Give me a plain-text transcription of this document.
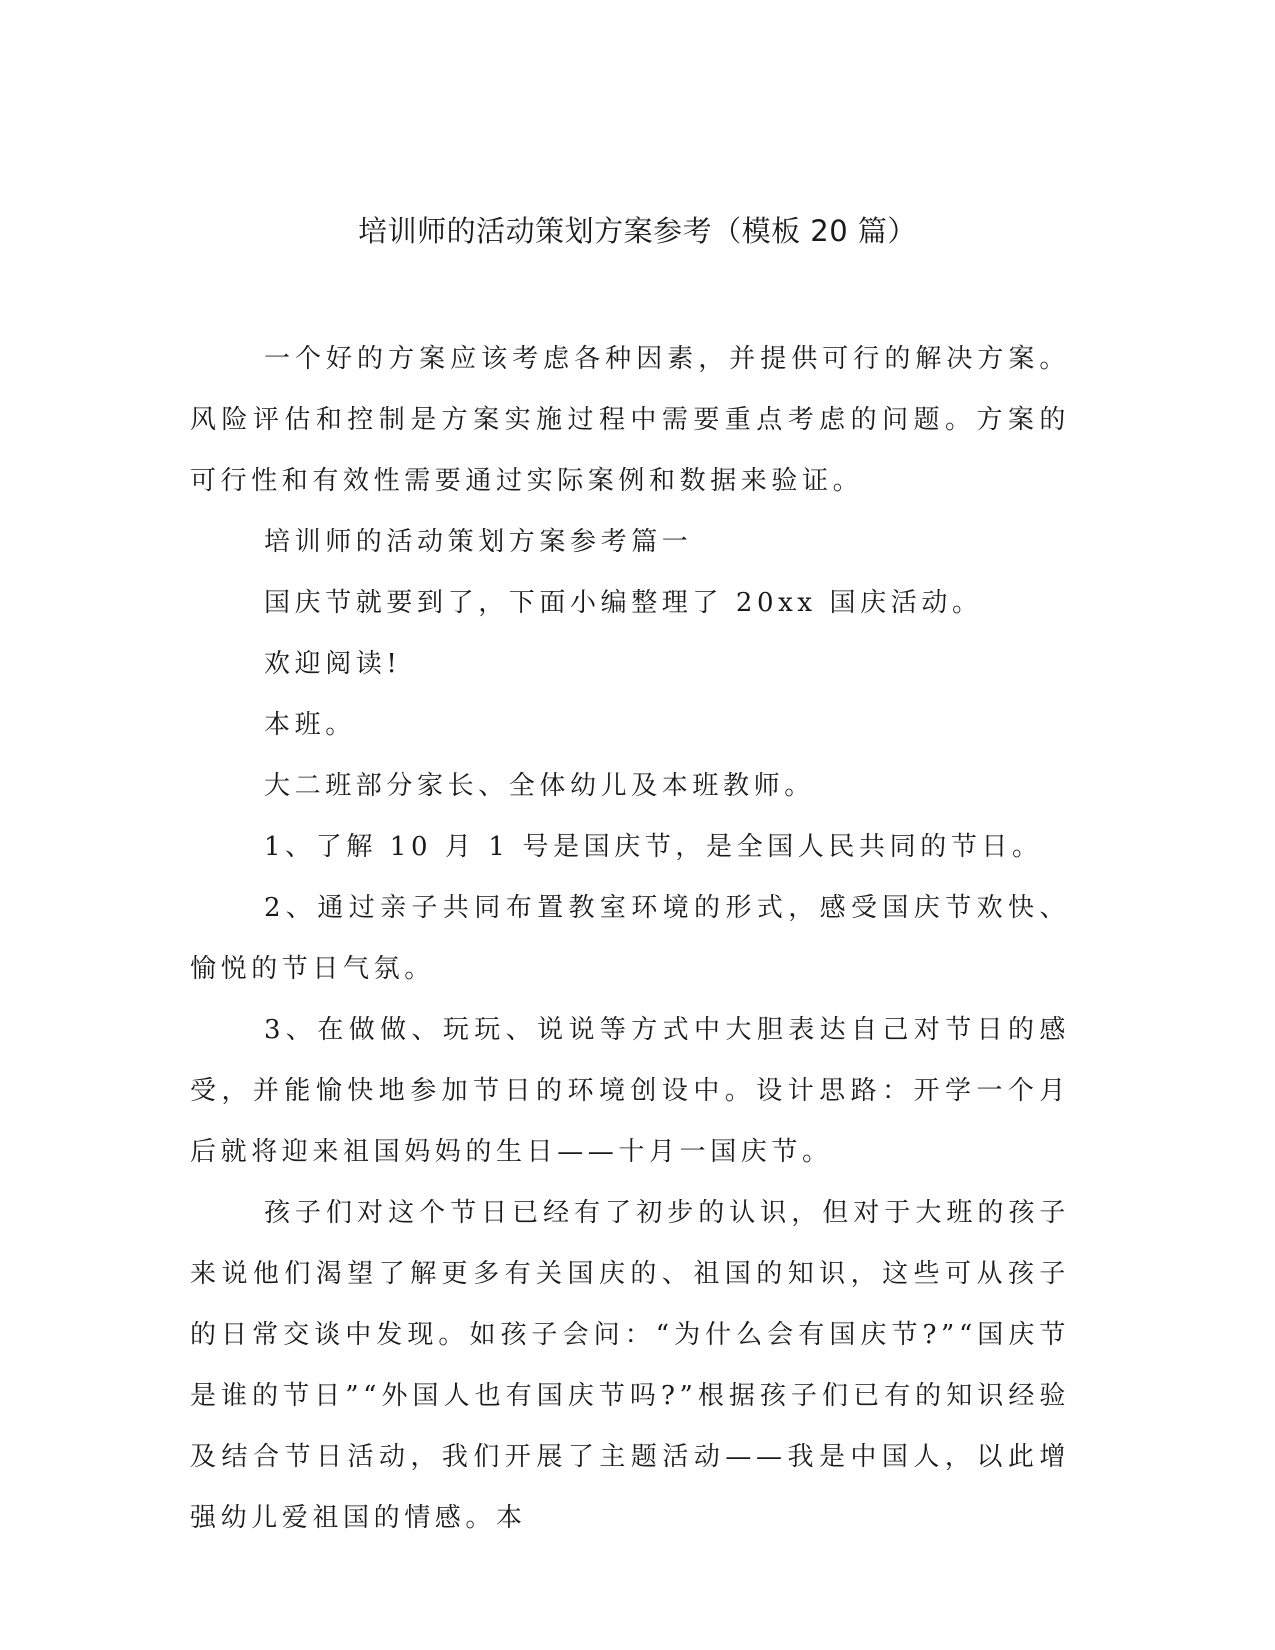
培训师的活动策划方案参考（模板 20 篇）

一个好的方案应该考虑各种因素，并提供可行的解决方案。风险评估和控制是方案实施过程中需要重点考虑的问题。方案的可行性和有效性需要通过实际案例和数据来验证。

培训师的活动策划方案参考篇一

国庆节就要到了，下面小编整理了 20xx 国庆活动。

欢迎阅读!

本班。

大二班部分家长、全体幼儿及本班教师。

1、了解 10 月 1 号是国庆节，是全国人民共同的节日。

2、通过亲子共同布置教室环境的形式，感受国庆节欢快、愉悦的节日气氛。

3、在做做、玩玩、说说等方式中大胆表达自己对节日的感受，并能愉快地参加节日的环境创设中。设计思路：开学一个月后就将迎来祖国妈妈的生日——十月一国庆节。

孩子们对这个节日已经有了初步的认识，但对于大班的孩子来说他们渴望了解更多有关国庆的、祖国的知识，这些可从孩子的日常交谈中发现。如孩子会问：“为什么会有国庆节?”“国庆节是谁的节日”“外国人也有国庆节吗?”根据孩子们已有的知识经验及结合节日活动，我们开展了主题活动——我是中国人，以此增强幼儿爱祖国的情感。本
